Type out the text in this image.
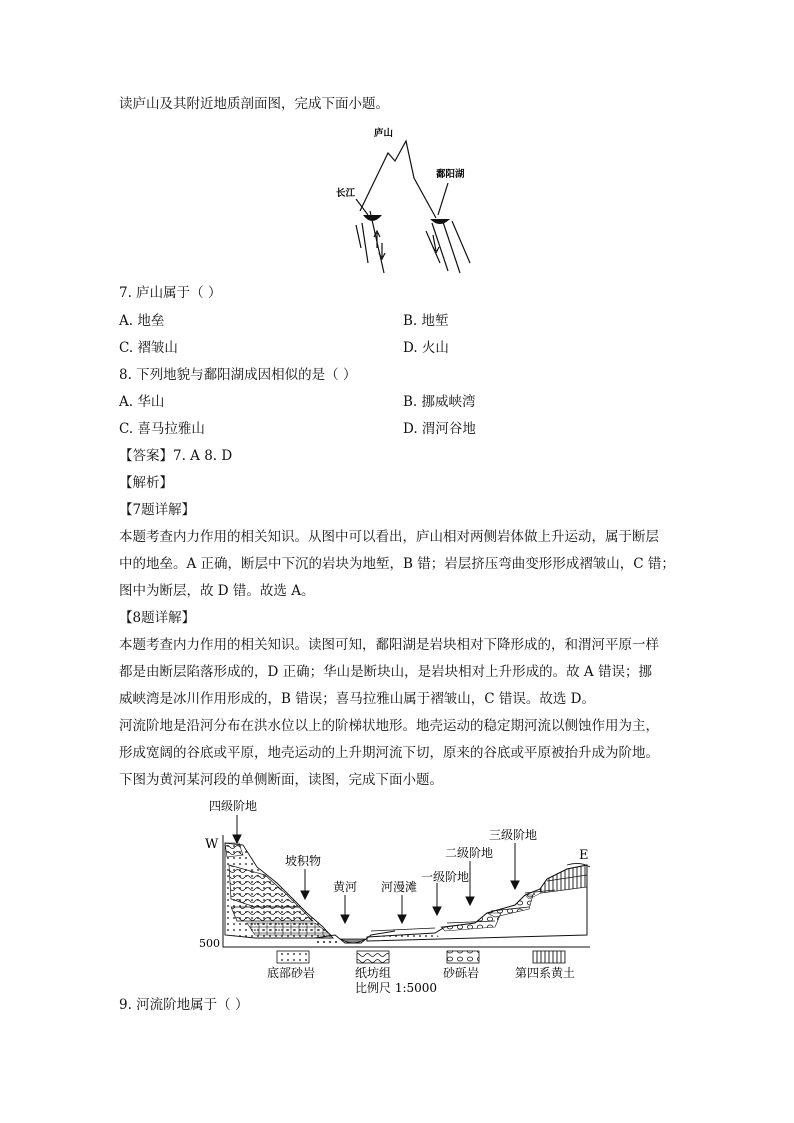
读庐山及其附近地质剖面图，完成下面小题。
庐山
长江
鄱阳湖
7. 庐山属于（ ）
A. 地垒	B. 地堑
C. 褶皱山	D. 火山
8. 下列地貌与鄱阳湖成因相似的是（ ）
A. 华山	B. 挪威峡湾
C. 喜马拉雅山	D. 渭河谷地
【答案】7. A 8. D
【解析】
【7题详解】
本题考查内力作用的相关知识。从图中可以看出，庐山相对两侧岩体做上升运动，属于断层
中的地垒。A 正确，断层中下沉的岩块为地堑，B 错；岩层挤压弯曲变形形成褶皱山，C 错；
图中为断层，故 D 错。故选 A。
【8题详解】
本题考查内力作用的相关知识。读图可知，鄱阳湖是岩块相对下降形成的，和渭河平原一样
都是由断层陷落形成的，D 正确；华山是断块山，是岩块相对上升形成的。故 A 错误；挪
威峡湾是冰川作用形成的，B 错误；喜马拉雅山属于褶皱山，C 错误。故选 D。
河流阶地是沿河分布在洪水位以上的阶梯状地形。地壳运动的稳定期河流以侧蚀作用为主，
形成宽阔的谷底或平原，地壳运动的上升期河流下切，原来的谷底或平原被抬升成为阶地。
下图为黄河某河段的单侧断面，读图，完成下面小题。
四级阶地
W
E
坡积物
黄河 河漫滩
一级阶地
二级阶地
三级阶地
500
底部砂岩	纸坊组	砂砾岩	第四系黄土
比例尺 1:5000
9. 河流阶地属于（ ）
